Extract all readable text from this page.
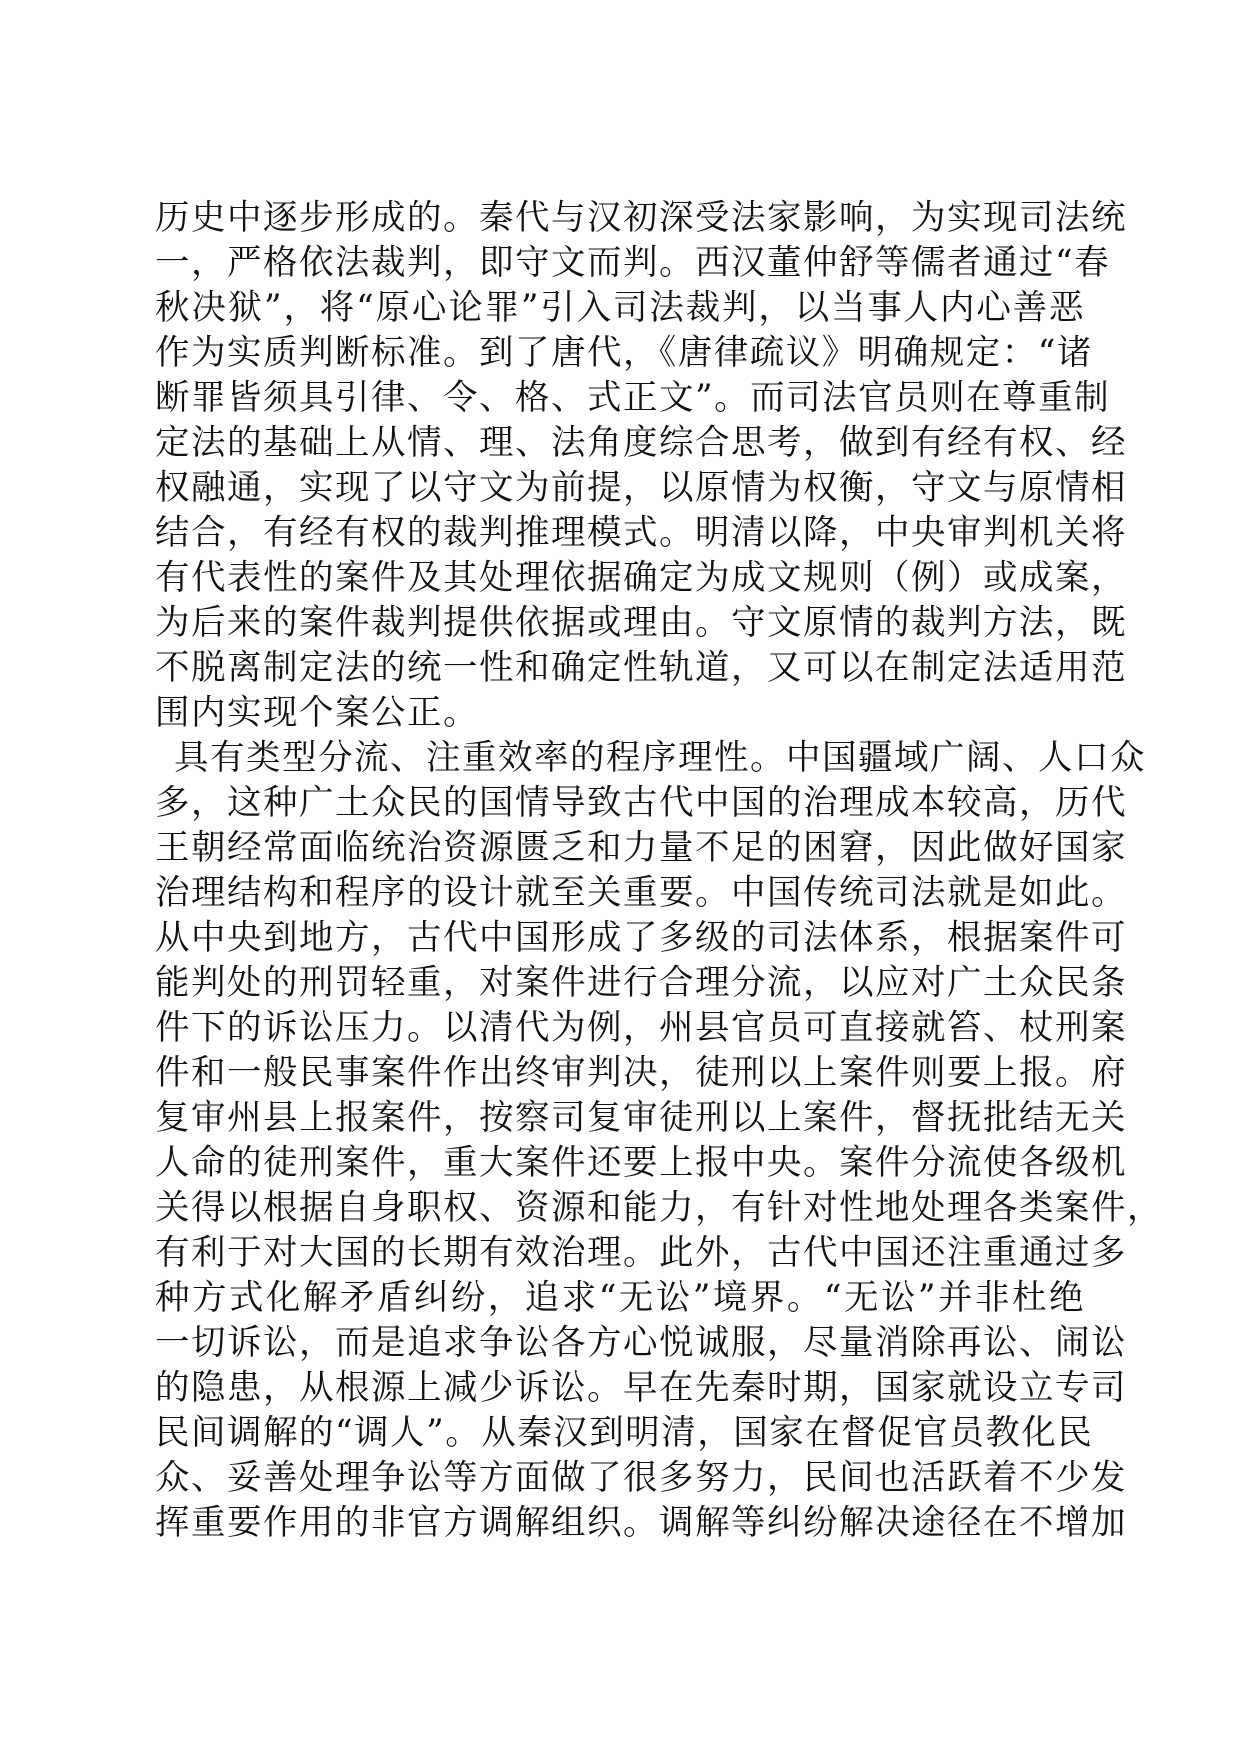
历史中逐步形成的。秦代与汉初深受法家影响，为实现司法统
一，严格依法裁判，即守文而判。西汉董仲舒等儒者通过“春
秋决狱”，将“原心论罪”引入司法裁判，以当事人内心善恶
作为实质判断标准。到了唐代，《唐律疏议》明确规定：“诸
断罪皆须具引律、令、格、式正文”。而司法官员则在尊重制
定法的基础上从情、理、法角度综合思考，做到有经有权、经
权融通，实现了以守文为前提，以原情为权衡，守文与原情相
结合，有经有权的裁判推理模式。明清以降，中央审判机关将
有代表性的案件及其处理依据确定为成文规则（例）或成案，
为后来的案件裁判提供依据或理由。守文原情的裁判方法，既
不脱离制定法的统一性和确定性轨道，又可以在制定法适用范
围内实现个案公正。
具有类型分流、注重效率的程序理性。中国疆域广阔、人口众
多，这种广土众民的国情导致古代中国的治理成本较高，历代
王朝经常面临统治资源匮乏和力量不足的困窘，因此做好国家
治理结构和程序的设计就至关重要。中国传统司法就是如此。
从中央到地方，古代中国形成了多级的司法体系，根据案件可
能判处的刑罚轻重，对案件进行合理分流，以应对广土众民条
件下的诉讼压力。以清代为例，州县官员可直接就笞、杖刑案
件和一般民事案件作出终审判决，徒刑以上案件则要上报。府
复审州县上报案件，按察司复审徒刑以上案件，督抚批结无关
人命的徒刑案件，重大案件还要上报中央。案件分流使各级机
关得以根据自身职权、资源和能力，有针对性地处理各类案件，
有利于对大国的长期有效治理。此外，古代中国还注重通过多
种方式化解矛盾纠纷，追求“无讼”境界。“无讼”并非杜绝
一切诉讼，而是追求争讼各方心悦诚服，尽量消除再讼、闹讼
的隐患，从根源上减少诉讼。早在先秦时期，国家就设立专司
民间调解的“调人”。从秦汉到明清，国家在督促官员教化民
众、妥善处理争讼等方面做了很多努力，民间也活跃着不少发
挥重要作用的非官方调解组织。调解等纠纷解决途径在不增加
